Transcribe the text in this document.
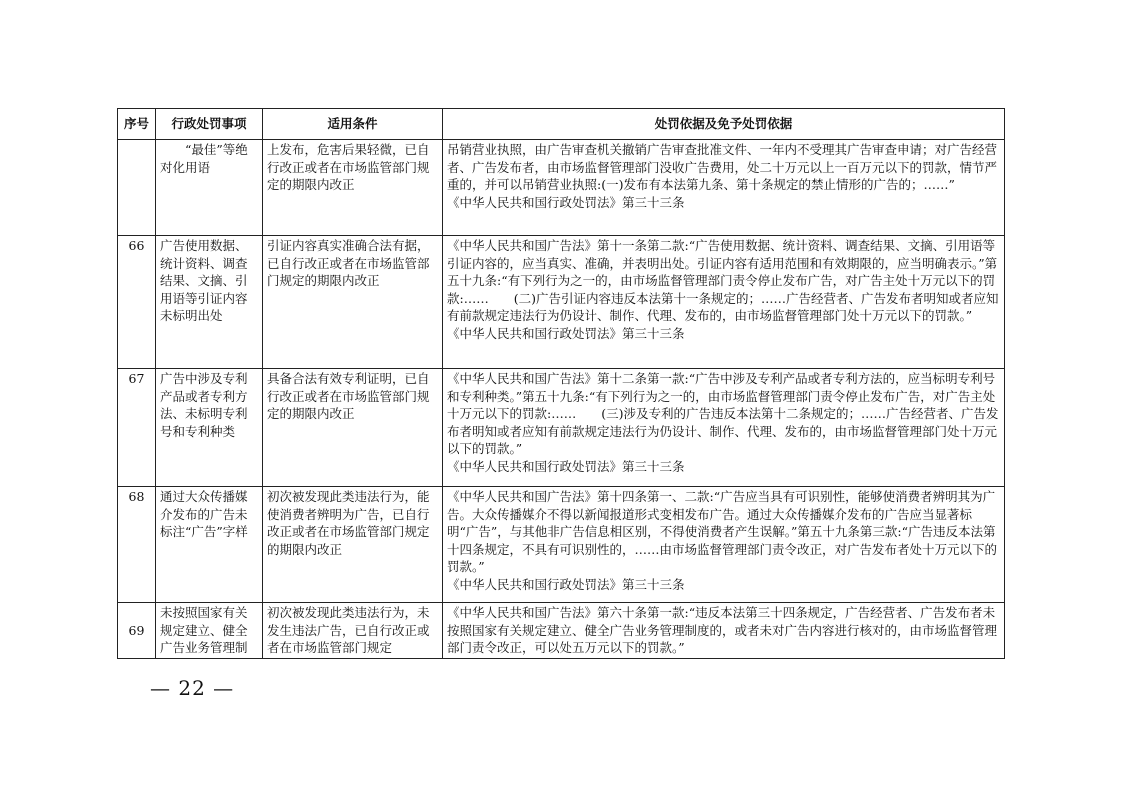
序号	行政处罚事项	适用条件	处罚依据及免予处罚依据
	“最佳”等绝对化用语	上发布，危害后果轻微，已自行改正或者在市场监管部门规定的期限内改正	吊销营业执照，由广告审查机关撤销广告审查批准文件、一年内不受理其广告审查申请；对广告经营者、广告发布者，由市场监督管理部门没收广告费用，处二十万元以上一百万元以下的罚款，情节严重的，并可以吊销营业执照:(一)发布有本法第九条、第十条规定的禁止情形的广告的；……”
《中华人民共和国行政处罚法》第三十三条

66	广告使用数据、统计资料、调查结果、文摘、引用语等引证内容未标明出处	引证内容真实准确合法有据，已自行改正或者在市场监管部门规定的期限内改正	《中华人民共和国广告法》第十一条第二款:“广告使用数据、统计资料、调查结果、文摘、引用语等引证内容的，应当真实、准确，并表明出处。引证内容有适用范围和有效期限的，应当明确表示。”第五十九条:“有下列行为之一的，由市场监督管理部门责令停止发布广告，对广告主处十万元以下的罚款:……　　(二)广告引证内容违反本法第十一条规定的；……广告经营者、广告发布者明知或者应知有前款规定违法行为仍设计、制作、代理、发布的，由市场监督管理部门处十万元以下的罚款。”
《中华人民共和国行政处罚法》第三十三条

67	广告中涉及专利产品或者专利方法、未标明专利号和专利种类	具备合法有效专利证明，已自行改正或者在市场监管部门规定的期限内改正	《中华人民共和国广告法》第十二条第一款:“广告中涉及专利产品或者专利方法的，应当标明专利号和专利种类。”第五十九条:“有下列行为之一的，由市场监督管理部门责令停止发布广告，对广告主处十万元以下的罚款:……　　(三)涉及专利的广告违反本法第十二条规定的；……广告经营者、广告发布者明知或者应知有前款规定违法行为仍设计、制作、代理、发布的，由市场监督管理部门处十万元以下的罚款。”
《中华人民共和国行政处罚法》第三十三条

68	通过大众传播媒介发布的广告未标注“广告”字样	初次被发现此类违法行为，能使消费者辨明为广告，已自行改正或者在市场监管部门规定的期限内改正	《中华人民共和国广告法》第十四条第一、二款:“广告应当具有可识别性，能够使消费者辨明其为广告。大众传播媒介不得以新闻报道形式变相发布广告。通过大众传播媒介发布的广告应当显著标明“广告”，与其他非广告信息相区别，不得使消费者产生误解。”第五十九条第三款:“广告违反本法第十四条规定，不具有可识别性的，……由市场监督管理部门责令改正，对广告发布者处十万元以下的罚款。”
《中华人民共和国行政处罚法》第三十三条

69	未按照国家有关规定建立、健全广告业务管理制	初次被发现此类违法行为，未发生违法广告，已自行改正或者在市场监管部门规定	《中华人民共和国广告法》第六十条第一款:“违反本法第三十四条规定，广告经营者、广告发布者未按照国家有关规定建立、健全广告业务管理制度的，或者未对广告内容进行核对的，由市场监督管理部门责令改正，可以处五万元以下的罚款。”
— 22 —
